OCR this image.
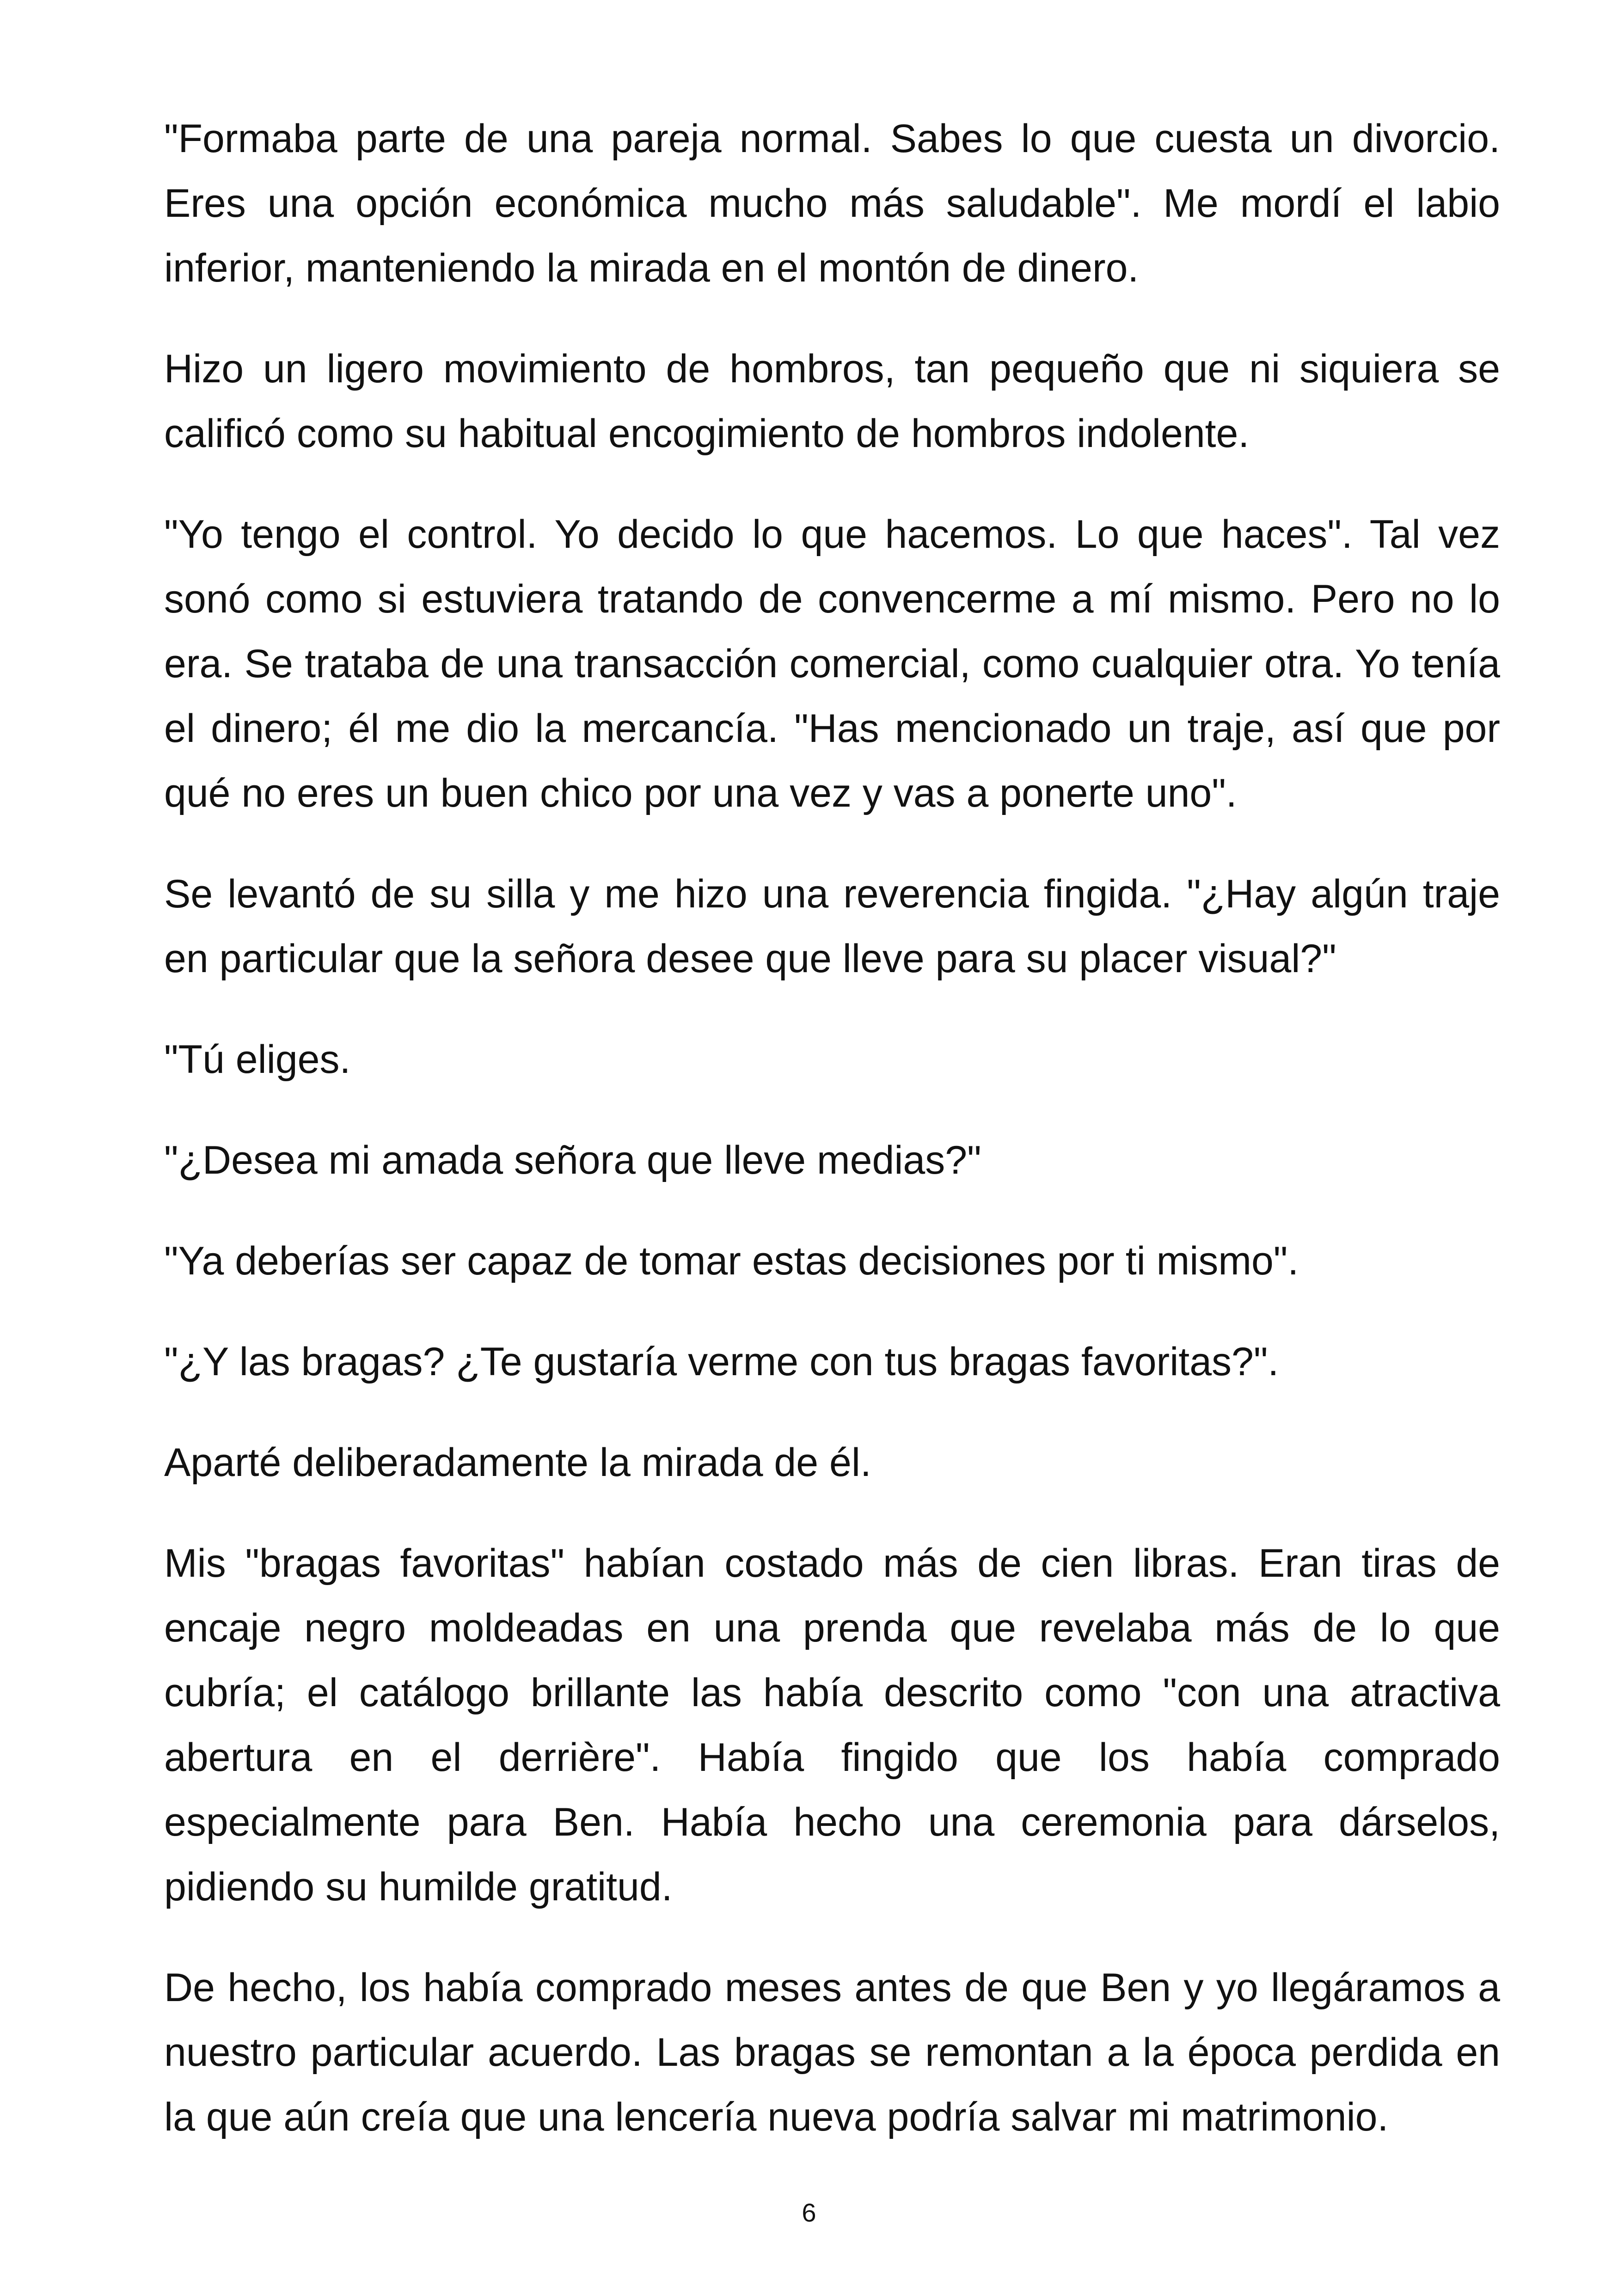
"Formaba parte de una pareja normal. Sabes lo que cuesta un divorcio. Eres una opción económica mucho más saludable". Me mordí el labio inferior, manteniendo la mirada en el montón de dinero.

Hizo un ligero movimiento de hombros, tan pequeño que ni siquiera se calificó como su habitual encogimiento de hombros indolente.

"Yo tengo el control. Yo decido lo que hacemos. Lo que haces". Tal vez sonó como si estuviera tratando de convencerme a mí mismo. Pero no lo era. Se trataba de una transacción comercial, como cualquier otra. Yo tenía el dinero; él me dio la mercancía. "Has mencionado un traje, así que por qué no eres un buen chico por una vez y vas a ponerte uno".

Se levantó de su silla y me hizo una reverencia fingida. "¿Hay algún traje en particular que la señora desee que lleve para su placer visual?"

"Tú eliges.

"¿Desea mi amada señora que lleve medias?"

"Ya deberías ser capaz de tomar estas decisiones por ti mismo".

"¿Y las bragas? ¿Te gustaría verme con tus bragas favoritas?".

Aparté deliberadamente la mirada de él.

Mis "bragas favoritas" habían costado más de cien libras. Eran tiras de encaje negro moldeadas en una prenda que revelaba más de lo que cubría; el catálogo brillante las había descrito como "con una atractiva abertura en el derrière". Había fingido que los había comprado especialmente para Ben. Había hecho una ceremonia para dárselos, pidiendo su humilde gratitud.

De hecho, los había comprado meses antes de que Ben y yo llegáramos a nuestro particular acuerdo. Las bragas se remontan a la época perdida en la que aún creía que una lencería nueva podría salvar mi matrimonio.

6
